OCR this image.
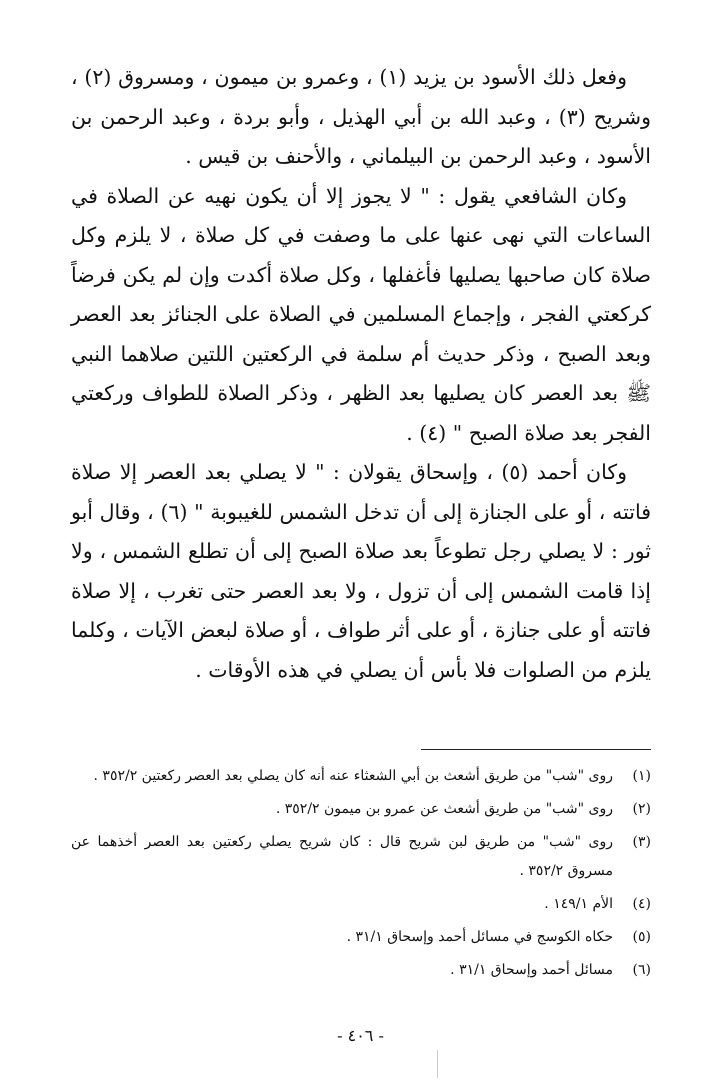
وفعل ذلك الأسود بن يزيد (١) ، وعمرو بن ميمون ، ومسروق (٢) ، وشريح (٣) ، وعبد الله بن أبي الهذيل ، وأبو بردة ، وعبد الرحمن بن الأسود ، وعبد الرحمن بن البيلماني ، والأحنف بن قيس .

وكان الشافعي يقول : " لا يجوز إلا أن يكون نهيه عن الصلاة في الساعات التي نهى عنها على ما وصفت في كل صلاة ، لا يلزم وكل صلاة كان صاحبها يصليها فأغفلها ، وكل صلاة أكدت وإن لم يكن فرضاً كركعتي الفجر ، وإجماع المسلمين في الصلاة على الجنائز بعد العصر وبعد الصبح ، وذكر حديث أم سلمة في الركعتين اللتين صلاهما النبي ﷺ بعد العصر كان يصليها بعد الظهر ، وذكر الصلاة للطواف وركعتي الفجر بعد صلاة الصبح " (٤) .

وكان أحمد (٥) ، وإسحاق يقولان : " لا يصلي بعد العصر إلا صلاة فاتته ، أو على الجنازة إلى أن تدخل الشمس للغيبوبة " (٦) ، وقال أبو ثور : لا يصلي رجل تطوعاً بعد صلاة الصبح إلى أن تطلع الشمس ، ولا إذا قامت الشمس إلى أن تزول ، ولا بعد العصر حتى تغرب ، إلا صلاة فاتته أو على جنازة ، أو على أثر طواف ، أو صلاة لبعض الآيات ، وكلما يلزم من الصلوات فلا بأس أن يصلي في هذه الأوقات .

(١)
روى "شب" من طريق أشعث بن أبي الشعثاء عنه أنه كان يصلي بعد العصر ركعتين ٣٥٢/٢ .
(٢)
روى "شب" من طريق أشعث عن عمرو بن ميمون ٣٥٢/٢ .
(٣)
روى "شب" من طريق لبن شريح قال : كان شريح يصلي ركعتين بعد العصر أخذهما عن مسروق ٣٥٢/٢ .
(٤)
الأم ١٤٩/١ .
(٥)
حكاه الكوسج في مسائل أحمد وإسحاق ٣١/١ .
(٦)
مسائل أحمد وإسحاق ٣١/١ .
- ٤٠٦ -
